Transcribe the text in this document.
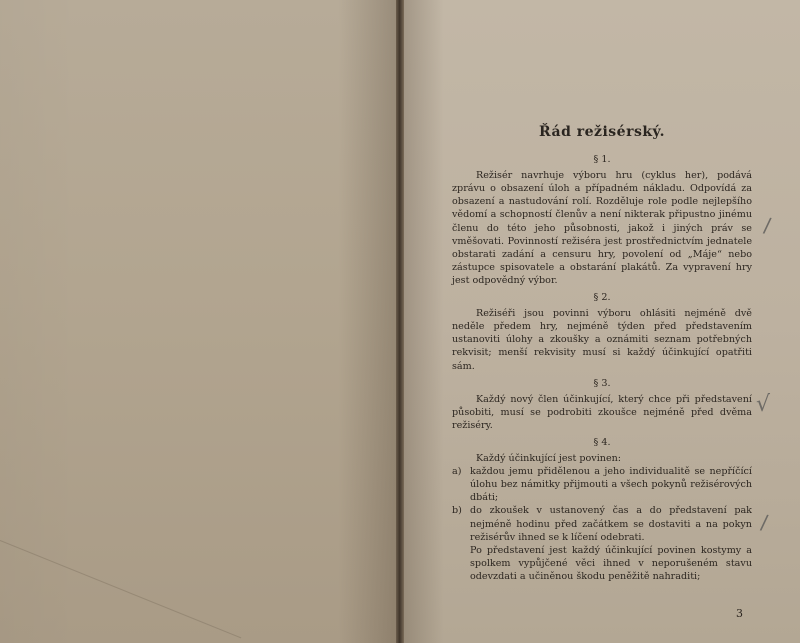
Řád režisérský.
§ 1.

Režisér navrhuje výboru hru (cyklus her), podává zprávu o obsazení úloh a případném nákladu. Odpovídá za obsazení a nastudování rolí. Rozděluje role podle nejlepšího vědomí a schopností členův a není nikterak připustno jinému členu do této jeho působnosti, jakož i jiných práv se vměšovati. Povinností režiséra jest prostřednictvím jednatele obstarati zadání a censuru hry, povolení od „Máje“ nebo zástupce spisovatele a obstarání plakátů. Za vypravení hry jest odpovědný výbor.

§ 2.

Režiséři jsou povinni výboru ohlásiti nejméně dvě neděle předem hry, nejméně týden před představením ustanoviti úlohy a zkoušky a oznámiti seznam potřebných rekvisit; menší rekvisity musí si každý účinkující opatřiti sám.

§ 3.

Každý nový člen účinkující, který chce při představení působiti, musí se podrobiti zkoušce nejméně před dvěma režiséry.

§ 4.

Každý účinkující jest povinen:

a) každou jemu přidělenou a jeho individualitě se nepříčící úlohu bez námitky přijmouti a všech pokynů režisérových dbáti;
b) do zkoušek v ustanovený čas a do představení pak nejméně hodinu před začátkem se dostaviti a na pokyn režisérův ihned se k líčení odebrati.

Po představení jest každý účinkující povinen kostymy a spolkem vypůjčené věci ihned v neporušeném stavu odevzdati a učiněnou škodu peněžitě nahraditi;

3
/
√
/
